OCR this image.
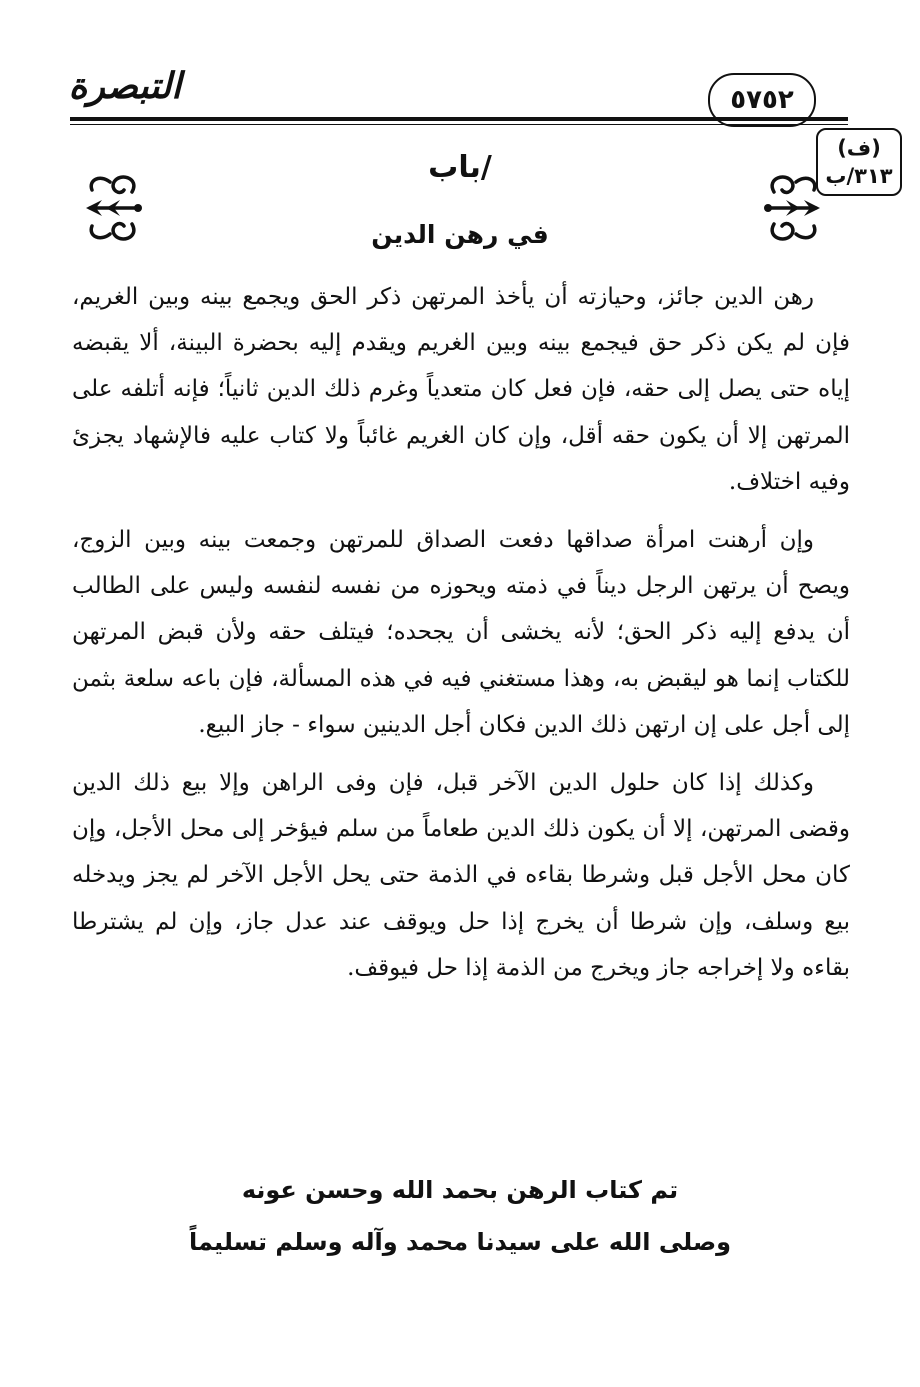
التبصرة	٥٧٥٢
(ف)
٣١٣/ب
/باب
في رهن الدين

رهن الدين جائز، وحيازته أن يأخذ المرتهن ذكر الحق ويجمع بينه وبين الغريم، فإن لم يكن ذكر حق فيجمع بينه وبين الغريم ويقدم إليه بحضرة البينة، ألا يقبضه إياه حتى يصل إلى حقه، فإن فعل كان متعدياً وغرم ذلك الدين ثانياً؛ فإنه أتلفه على المرتهن إلا أن يكون حقه أقل، وإن كان الغريم غائباً ولا كتاب عليه فالإشهاد يجزئ وفيه اختلاف.

وإن أرهنت امرأة صداقها دفعت الصداق للمرتهن وجمعت بينه وبين الزوج، ويصح أن يرتهن الرجل ديناً في ذمته ويحوزه من نفسه لنفسه وليس على الطالب أن يدفع إليه ذكر الحق؛ لأنه يخشى أن يجحده؛ فيتلف حقه ولأن قبض المرتهن للكتاب إنما هو ليقبض به، وهذا مستغني فيه في هذه المسألة، فإن باعه سلعة بثمن إلى أجل على إن ارتهن ذلك الدين فكان أجل الدينين سواء - جاز البيع.

وكذلك إذا كان حلول الدين الآخر قبل، فإن وفى الراهن وإلا بيع ذلك الدين وقضى المرتهن، إلا أن يكون ذلك الدين طعاماً من سلم فيؤخر إلى محل الأجل، وإن كان محل الأجل قبل وشرطا بقاءه في الذمة حتى يحل الأجل الآخر لم يجز ويدخله بيع وسلف، وإن شرطا أن يخرج إذا حل ويوقف عند عدل جاز، وإن لم يشترطا بقاءه ولا إخراجه جاز ويخرج من الذمة إذا حل فيوقف.

تم كتاب الرهن بحمد الله وحسن عونه
وصلى الله على سيدنا محمد وآله وسلم تسليماً
